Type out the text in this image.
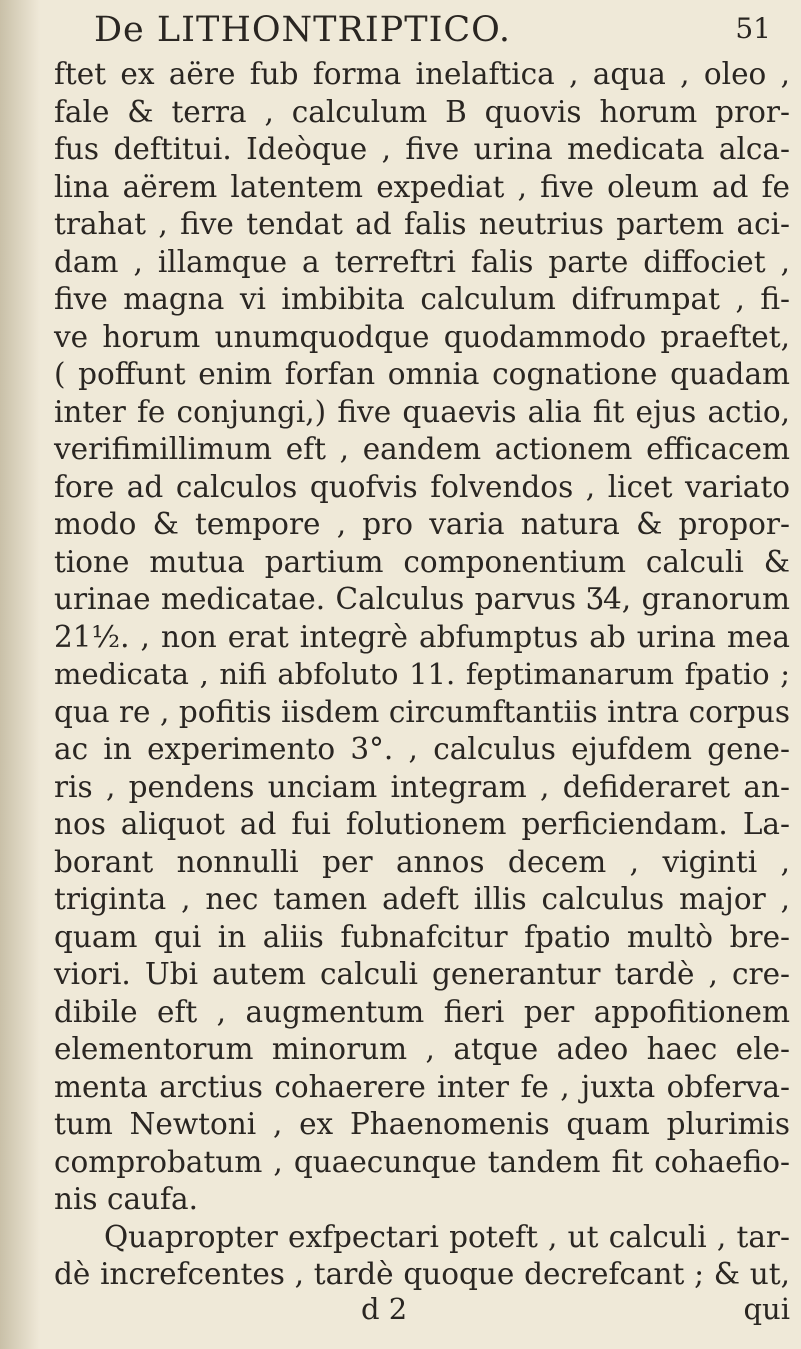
De LITHONTRIPTICO.	51
ftet ex aëre fub forma inelaftica , aqua , oleo ,
fale & terra , calculum B quovis horum pror-
fus deftitui. Ideòque , five urina medicata alca-
lina aërem latentem expediat , five oleum ad fe
trahat , five tendat ad falis neutrius partem aci-
dam , illamque a terreftri falis parte diffociet ,
five magna vi imbibita calculum difrumpat , fi-
ve horum unumquodque quodammodo praeftet,
( poffunt enim forfan omnia cognatione quadam
inter fe conjungi,) five quaevis alia fit ejus actio,
verifimillimum eft , eandem actionem efficacem
fore ad calculos quofvis folvendos , licet variato
modo & tempore , pro varia natura & propor-
tione mutua partium componentium calculi &
urinae medicatae. Calculus parvus Ʒ4, granorum
21½. , non erat integrè abfumptus ab urina mea
medicata , nifi abfoluto 11. feptimanarum fpatio ;
qua re , pofitis iisdem circumftantiis intra corpus
ac in experimento 3°. , calculus ejufdem gene-
ris , pendens unciam integram , defideraret an-
nos aliquot ad fui folutionem perficiendam. La-
borant nonnulli per annos decem , viginti ,
triginta , nec tamen adeft illis calculus major ,
quam qui in aliis fubnafcitur fpatio multò bre-
viori. Ubi autem calculi generantur tardè , cre-
dibile eft , augmentum fieri per appofitionem
elementorum minorum , atque adeo haec ele-
menta arctius cohaerere inter fe , juxta obferva-
tum Newtoni , ex Phaenomenis quam plurimis
comprobatum , quaecunque tandem fit cohaefio-
nis caufa.
Quapropter exfpectari poteft , ut calculi , tar-
dè increfcentes , tardè quoque decrefcant ; & ut,
d 2	qui
